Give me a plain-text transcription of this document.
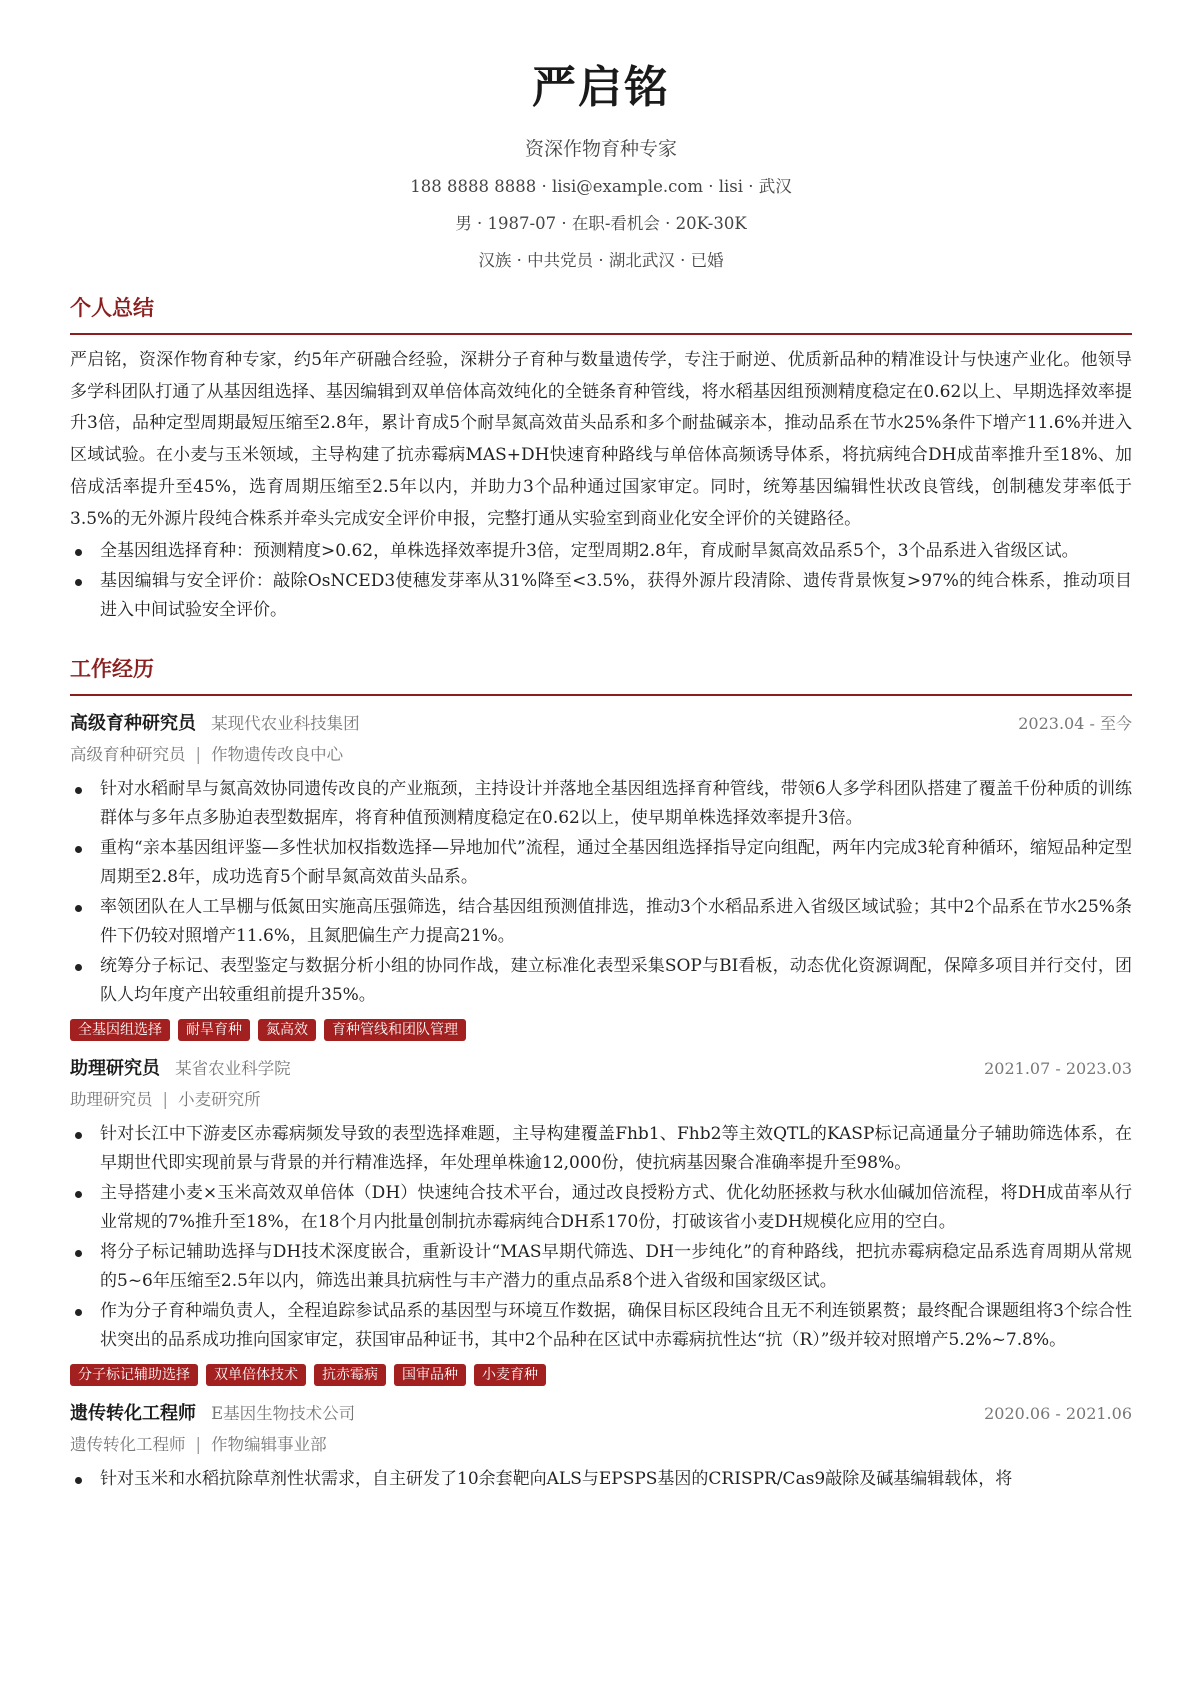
严启铭
资深作物育种专家
188 8888 8888 · lisi@example.com · lisi · 武汉
男 · 1987-07 · 在职-看机会 · 20K-30K
汉族 · 中共党员 · 湖北武汉 · 已婚
个人总结

严启铭，资深作物育种专家，约5年产研融合经验，深耕分子育种与数量遗传学，专注于耐逆、优质新品种的精准设计与快速产业化。他领导多学科团队打通了从基因组选择、基因编辑到双单倍体高效纯化的全链条育种管线，将水稻基因组预测精度稳定在0.62以上、早期选择效率提升3倍，品种定型周期最短压缩至2.8年，累计育成5个耐旱氮高效苗头品系和多个耐盐碱亲本，推动品系在节水25%条件下增产11.6%并进入区域试验。在小麦与玉米领域，主导构建了抗赤霉病MAS+DH快速育种路线与单倍体高频诱导体系，将抗病纯合DH成苗率推升至18%、加倍成活率提升至45%，选育周期压缩至2.5年以内，并助力3个品种通过国家审定。同时，统筹基因编辑性状改良管线，创制穗发芽率低于3.5%的无外源片段纯合株系并牵头完成安全评价申报，完整打通从实验室到商业化安全评价的关键路径。

全基因组选择育种：预测精度>0.62，单株选择效率提升3倍，定型周期2.8年，育成耐旱氮高效品系5个，3个品系进入省级区试。
基因编辑与安全评价：敲除OsNCED3使穗发芽率从31%降至<3.5%，获得外源片段清除、遗传背景恢复>97%的纯合株系，推动项目进入中间试验安全评价。
工作经历
高级育种研究员 某现代农业科技集团	2023.04 - 至今
高级育种研究员 | 作物遗传改良中心
针对水稻耐旱与氮高效协同遗传改良的产业瓶颈，主持设计并落地全基因组选择育种管线，带领6人多学科团队搭建了覆盖千份种质的训练群体与多年点多胁迫表型数据库，将育种值预测精度稳定在0.62以上，使早期单株选择效率提升3倍。
重构“亲本基因组评鉴—多性状加权指数选择—异地加代”流程，通过全基因组选择指导定向组配，两年内完成3轮育种循环，缩短品种定型周期至2.8年，成功选育5个耐旱氮高效苗头品系。
率领团队在人工旱棚与低氮田实施高压强筛选，结合基因组预测值排选，推动3个水稻品系进入省级区域试验；其中2个品系在节水25%条件下仍较对照增产11.6%，且氮肥偏生产力提高21%。
统筹分子标记、表型鉴定与数据分析小组的协同作战，建立标准化表型采集SOP与BI看板，动态优化资源调配，保障多项目并行交付，团队人均年度产出较重组前提升35%。
全基因组选择	耐旱育种	氮高效	育种管线和团队管理
助理研究员 某省农业科学院	2021.07 - 2023.03
助理研究员 | 小麦研究所
针对长江中下游麦区赤霉病频发导致的表型选择难题，主导构建覆盖Fhb1、Fhb2等主效QTL的KASP标记高通量分子辅助筛选体系，在早期世代即实现前景与背景的并行精准选择，年处理单株逾12,000份，使抗病基因聚合准确率提升至98%。
主导搭建小麦×玉米高效双单倍体（DH）快速纯合技术平台，通过改良授粉方式、优化幼胚拯救与秋水仙碱加倍流程，将DH成苗率从行业常规的7%推升至18%，在18个月内批量创制抗赤霉病纯合DH系170份，打破该省小麦DH规模化应用的空白。
将分子标记辅助选择与DH技术深度嵌合，重新设计“MAS早期代筛选、DH一步纯化”的育种路线，把抗赤霉病稳定品系选育周期从常规的5~6年压缩至2.5年以内，筛选出兼具抗病性与丰产潜力的重点品系8个进入省级和国家级区试。
作为分子育种端负责人，全程追踪参试品系的基因型与环境互作数据，确保目标区段纯合且无不利连锁累赘；最终配合课题组将3个综合性状突出的品系成功推向国家审定，获国审品种证书，其中2个品种在区试中赤霉病抗性达“抗（R）”级并较对照增产5.2%~7.8%。
分子标记辅助选择	双单倍体技术	抗赤霉病	国审品种	小麦育种
遗传转化工程师 E基因生物技术公司	2020.06 - 2021.06
遗传转化工程师 | 作物编辑事业部
针对玉米和水稻抗除草剂性状需求，自主研发了10余套靶向ALS与EPSPS基因的CRISPR/Cas9敲除及碱基编辑载体，将
